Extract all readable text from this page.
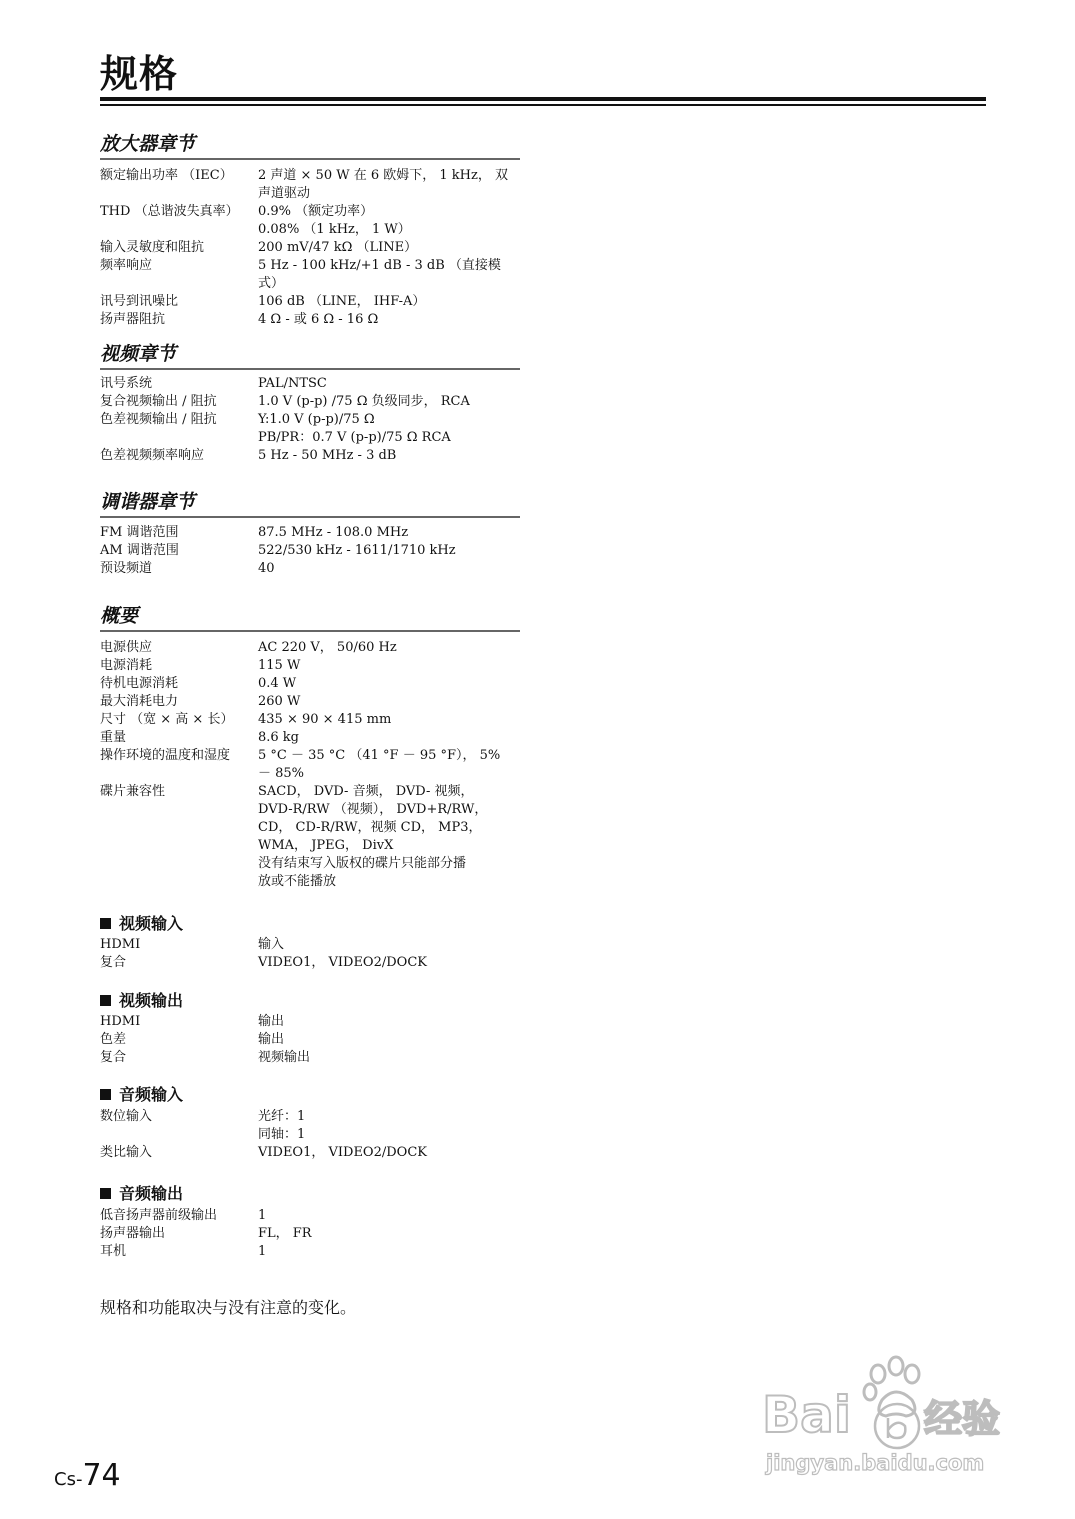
规格
放大器章节
额定输出功率 （IEC）	2 声道 × 50 W 在 6 欧姆下， 1 kHz， 双
声道驱动
THD （总谐波失真率）	0.9% （额定功率）
0.08% （1 kHz， 1 W）
输入灵敏度和阻抗	200 mV/47 kΩ （LINE）
频率响应	5 Hz - 100 kHz/+1 dB - 3 dB （直接模式）
讯号到讯噪比	106 dB （LINE， IHF-A）
扬声器阻抗	4 Ω - 或 6 Ω - 16 Ω
视频章节
讯号系统	PAL/NTSC
复合视频输出 / 阻抗	1.0 V (p-p) /75 Ω 负级同步， RCA
色差视频输出 / 阻抗	Y:1.0 V (p-p)/75 Ω
PB/PR：0.7 V (p-p)/75 Ω RCA
色差视频频率响应	5 Hz - 50 MHz - 3 dB
调谐器章节
FM 调谐范围	87.5 MHz - 108.0 MHz
AM 调谐范围	522/530 kHz - 1611/1710 kHz
预设频道	40
概要
电源供应	AC 220 V， 50/60 Hz
电源消耗	115 W
待机电源消耗	0.4 W
最大消耗电力	260 W
尺寸 （宽 × 高 × 长）	435 × 90 × 415 mm
重量	8.6 kg
操作环境的温度和湿度	5 °C － 35 °C （41 °F － 95 °F）， 5%
－ 85%
碟片兼容性	SACD， DVD- 音频， DVD- 视频，
DVD-R/RW （视频）， DVD+R/RW，
CD， CD-R/RW，视频 CD， MP3，
WMA， JPEG， DivX
没有结束写入版权的碟片只能部分播
放或不能播放
视频输入
HDMI	输入
复合	VIDEO1， VIDEO2/DOCK
视频输出
HDMI	输出
色差	输出
复合	视频输出
音频输入
数位输入	光纤：1
同轴：1
类比输入	VIDEO1， VIDEO2/DOCK
音频输出
低音扬声器前级输出	1
扬声器输出	FL， FR
耳机	1
规格和功能取决与没有注意的变化。
Cs-74
Bai 经验
jingyan.baidu.com
